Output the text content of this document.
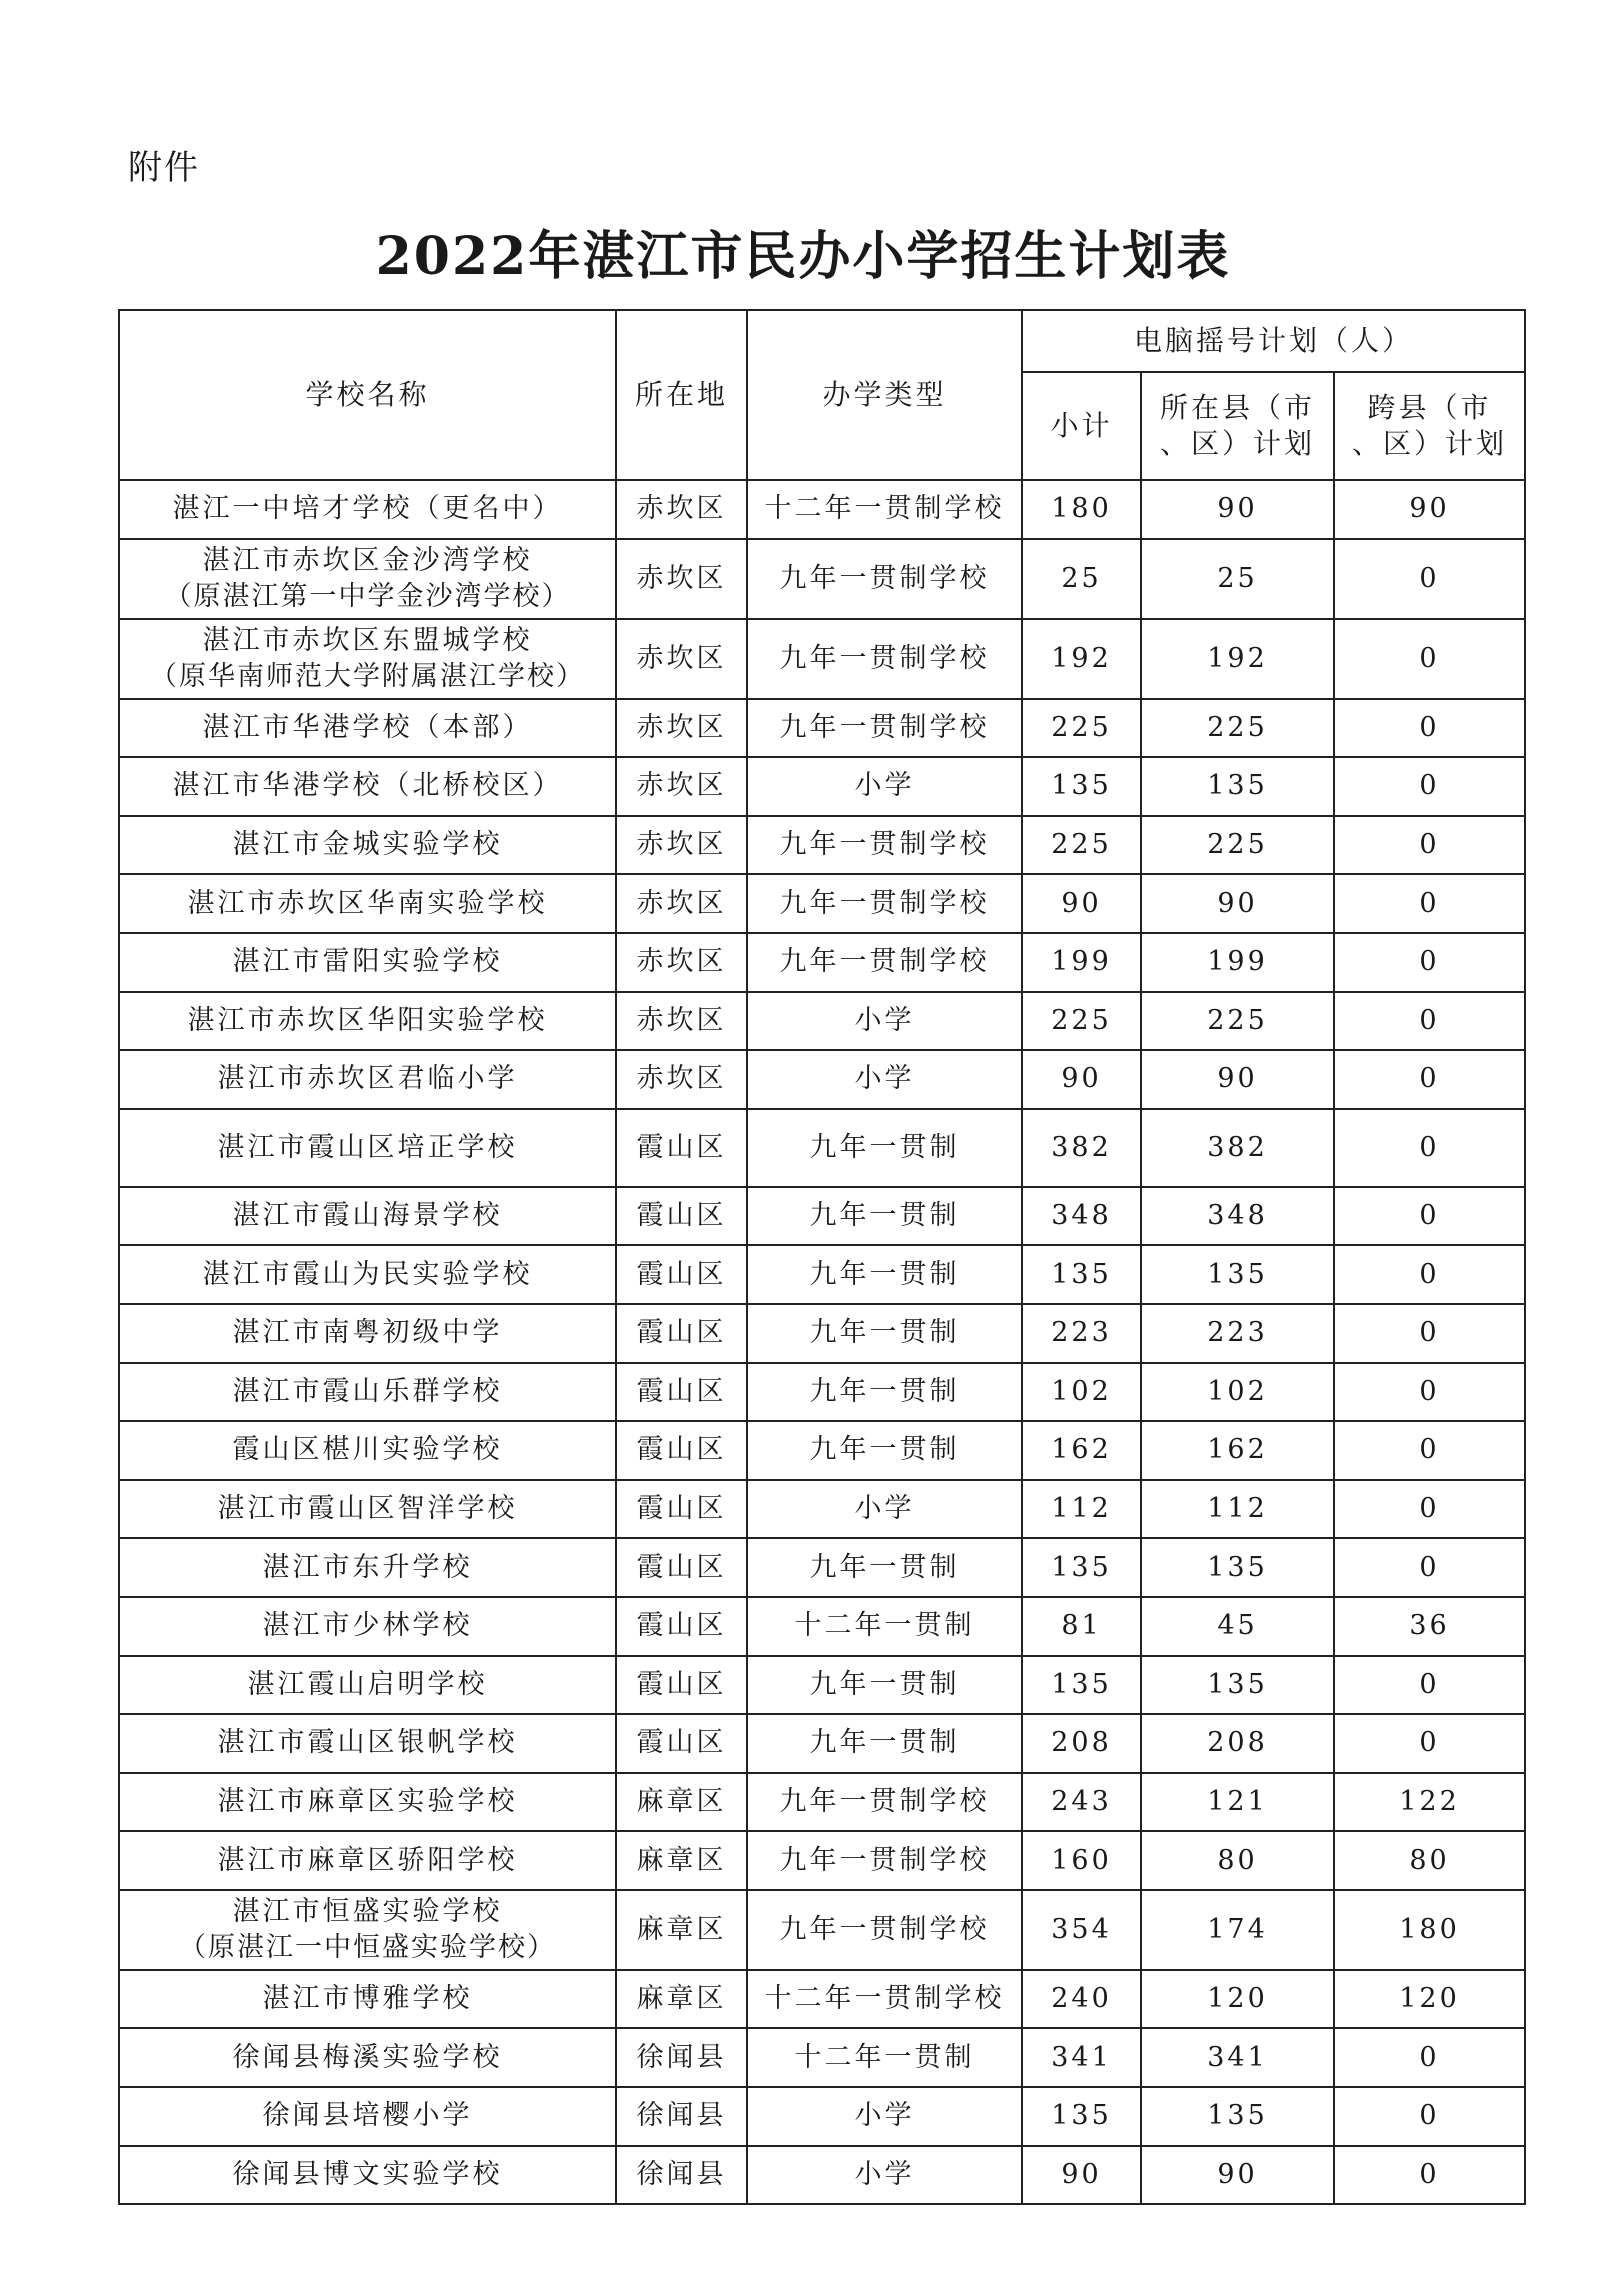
附件
2022年湛江市民办小学招生计划表
学校名称	所在地	办学类型	电脑摇号计划（人）		
			小计	所在县（市
、区）计划	跨县（市
、区）计划

湛江一中培才学校（更名中）	赤坎区	十二年一贯制学校	180	90	90

湛江市赤坎区金沙湾学校
（原湛江第一中学金沙湾学校）	赤坎区	九年一贯制学校	25	25	0

湛江市赤坎区东盟城学校
（原华南师范大学附属湛江学校）	赤坎区	九年一贯制学校	192	192	0

湛江市华港学校（本部）	赤坎区	九年一贯制学校	225	225	0

湛江市华港学校（北桥校区）	赤坎区	小学	135	135	0

湛江市金城实验学校	赤坎区	九年一贯制学校	225	225	0

湛江市赤坎区华南实验学校	赤坎区	九年一贯制学校	90	90	0

湛江市雷阳实验学校	赤坎区	九年一贯制学校	199	199	0

湛江市赤坎区华阳实验学校	赤坎区	小学	225	225	0

湛江市赤坎区君临小学	赤坎区	小学	90	90	0

湛江市霞山区培正学校	霞山区	九年一贯制	382	382	0

湛江市霞山海景学校	霞山区	九年一贯制	348	348	0

湛江市霞山为民实验学校	霞山区	九年一贯制	135	135	0

湛江市南粤初级中学	霞山区	九年一贯制	223	223	0

湛江市霞山乐群学校	霞山区	九年一贯制	102	102	0

霞山区椹川实验学校	霞山区	九年一贯制	162	162	0

湛江市霞山区智洋学校	霞山区	小学	112	112	0

湛江市东升学校	霞山区	九年一贯制	135	135	0

湛江市少林学校	霞山区	十二年一贯制	81	45	36

湛江霞山启明学校	霞山区	九年一贯制	135	135	0

湛江市霞山区银帆学校	霞山区	九年一贯制	208	208	0

湛江市麻章区实验学校	麻章区	九年一贯制学校	243	121	122

湛江市麻章区骄阳学校	麻章区	九年一贯制学校	160	80	80

湛江市恒盛实验学校
（原湛江一中恒盛实验学校）	麻章区	九年一贯制学校	354	174	180

湛江市博雅学校	麻章区	十二年一贯制学校	240	120	120

徐闻县梅溪实验学校	徐闻县	十二年一贯制	341	341	0

徐闻县培樱小学	徐闻县	小学	135	135	0

徐闻县博文实验学校	徐闻县	小学	90	90	0
